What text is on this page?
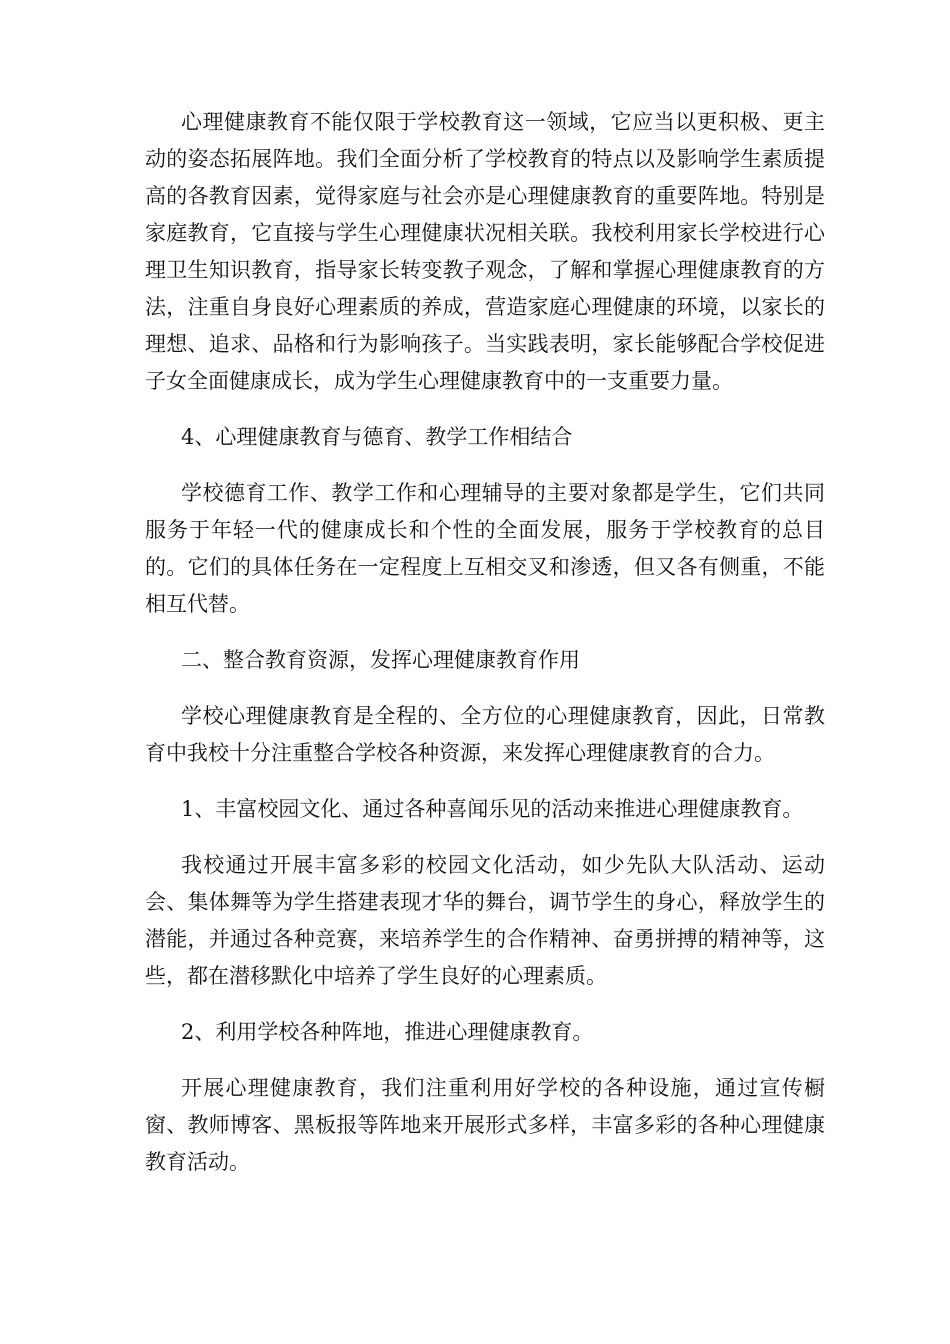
心理健康教育不能仅限于学校教育这一领域，它应当以更积极、更主动的姿态拓展阵地。我们全面分析了学校教育的特点以及影响学生素质提高的各教育因素，觉得家庭与社会亦是心理健康教育的重要阵地。特别是家庭教育，它直接与学生心理健康状况相关联。我校利用家长学校进行心理卫生知识教育，指导家长转变教子观念，了解和掌握心理健康教育的方法，注重自身良好心理素质的养成，营造家庭心理健康的环境，以家长的理想、追求、品格和行为影响孩子。当实践表明，家长能够配合学校促进子女全面健康成长，成为学生心理健康教育中的一支重要力量。

4、心理健康教育与德育、教学工作相结合

学校德育工作、教学工作和心理辅导的主要对象都是学生，它们共同服务于年轻一代的健康成长和个性的全面发展，服务于学校教育的总目的。它们的具体任务在一定程度上互相交叉和渗透，但又各有侧重，不能相互代替。

二、整合教育资源，发挥心理健康教育作用

学校心理健康教育是全程的、全方位的心理健康教育，因此，日常教育中我校十分注重整合学校各种资源，来发挥心理健康教育的合力。

1、丰富校园文化、通过各种喜闻乐见的活动来推进心理健康教育。

我校通过开展丰富多彩的校园文化活动，如少先队大队活动、运动会、集体舞等为学生搭建表现才华的舞台，调节学生的身心，释放学生的潜能，并通过各种竞赛，来培养学生的合作精神、奋勇拼搏的精神等，这些，都在潜移默化中培养了学生良好的心理素质。

2、利用学校各种阵地，推进心理健康教育。

开展心理健康教育，我们注重利用好学校的各种设施，通过宣传橱窗、教师博客、黑板报等阵地来开展形式多样，丰富多彩的各种心理健康教育活动。
